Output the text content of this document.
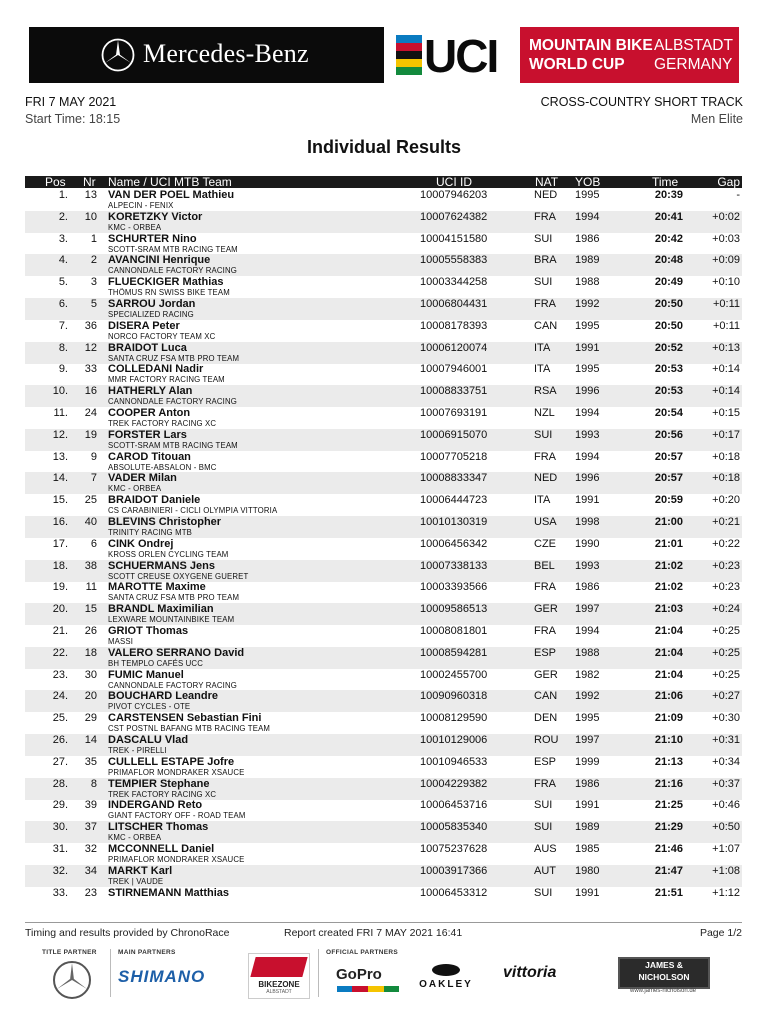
Mercedes-Benz	UCI MOUNTAIN BIKE
WORLD CUP
ALBSTADT
GERMANY
FRI 7 MAY 2021
Start Time: 18:15
CROSS-COUNTRY SHORT TRACK
Men Elite
Individual Results
Pos Nr Name / UCI MTB Team	UCI ID	NAT YOB	Time	Gap
1. 13 VAN DER POEL Mathieu
ALPECIN - FENIX
10007946203	NED 1995	20:39	-
2. 10 KORETZKY Victor
KMC - ORBEA
10007624382	FRA 1994	20:41	+0:02
3. 1 SCHURTER Nino
SCOTT-SRAM MTB RACING TEAM
10004151580	SUI 1986	20:42	+0:03
4. 2 AVANCINI Henrique
CANNONDALE FACTORY RACING
10005558383	BRA 1989	20:48	+0:09
5. 3 FLUECKIGER Mathias
THÖMUS RN SWISS BIKE TEAM
10003344258	SUI 1988	20:49	+0:10
6. 5 SARROU Jordan
SPECIALIZED RACING
10006804431	FRA 1992	20:50	+0:11
7. 36 DISERA Peter
NORCO FACTORY TEAM XC
10008178393	CAN 1995	20:50	+0:11
8. 12 BRAIDOT Luca
SANTA CRUZ FSA MTB PRO TEAM
10006120074	ITA 1991	20:52	+0:13
9. 33 COLLEDANI Nadir
MMR FACTORY RACING TEAM
10007946001	ITA 1995	20:53	+0:14
10. 16 HATHERLY Alan
CANNONDALE FACTORY RACING
10008833751	RSA 1996	20:53	+0:14
11. 24 COOPER Anton
TREK FACTORY RACING XC
10007693191	NZL 1994	20:54	+0:15
12. 19 FORSTER Lars
SCOTT-SRAM MTB RACING TEAM
10006915070	SUI 1993	20:56	+0:17
13. 9 CAROD Titouan
ABSOLUTE-ABSALON - BMC
10007705218	FRA 1994	20:57	+0:18
14. 7 VADER Milan
KMC - ORBEA
10008833347	NED 1996	20:57	+0:18
15. 25 BRAIDOT Daniele
CS CARABINIERI - CICLI OLYMPIA VITTORIA
10006444723	ITA 1991	20:59	+0:20
16. 40 BLEVINS Christopher
TRINITY RACING MTB
10010130319	USA 1998	21:00	+0:21
17. 6 CINK Ondrej
KROSS ORLEN CYCLING TEAM
10006456342	CZE 1990	21:01	+0:22
18. 38 SCHUERMANS Jens
SCOTT CREUSE OXYGENE GUERET
10007338133	BEL 1993	21:02	+0:23
19. 11 MAROTTE Maxime
SANTA CRUZ FSA MTB PRO TEAM
10003393566	FRA 1986	21:02	+0:23
20. 15 BRANDL Maximilian
LEXWARE MOUNTAINBIKE TEAM
10009586513	GER 1997	21:03	+0:24
21. 26 GRIOT Thomas
MASSI
10008081801	FRA 1994	21:04	+0:25
22. 18 VALERO SERRANO David
BH TEMPLO CAFÉS UCC
10008594281	ESP 1988	21:04	+0:25
23. 30 FUMIC Manuel
CANNONDALE FACTORY RACING
10002455700	GER 1982	21:04	+0:25
24. 20 BOUCHARD Leandre
PIVOT CYCLES - OTE
10090960318	CAN 1992	21:06	+0:27
25. 29 CARSTENSEN Sebastian Fini
CST POSTNL BAFANG MTB RACING TEAM
10008129590	DEN 1995	21:09	+0:30
26. 14 DASCALU Vlad
TREK - PIRELLI
10010129006	ROU 1997	21:10	+0:31
27. 35 CULLELL ESTAPE Jofre
PRIMAFLOR MONDRAKER XSAUCE
10010946533	ESP 1999	21:13	+0:34
28. 8 TEMPIER Stephane
TREK FACTORY RACING XC
10004229382	FRA 1986	21:16	+0:37
29. 39 INDERGAND Reto
GIANT FACTORY OFF - ROAD TEAM
10006453716	SUI 1991	21:25	+0:46
30. 37 LITSCHER Thomas
KMC - ORBEA
10005835340	SUI 1989	21:29	+0:50
31. 32 MCCONNELL Daniel
PRIMAFLOR MONDRAKER XSAUCE
10075237628	AUS 1985	21:46	+1:07
32. 34 MARKT Karl
TREK | VAUDE
10003917366	AUT 1980	21:47	+1:08
33. 23 STIRNEMANN Matthias	10006453312	SUI 1991	21:51	+1:12
Timing and results provided by ChronoRace	Report created FRI 7 MAY 2021 16:41	Page 1/2
TITLE PARTNER	MAIN PARTNERS	OFFICIAL PARTNERS
SHIMANO	BIKEZONE
ALBSTADT
GoPro
OAKLEY
vittoria	JAMES &
NICHOLSON
www.james-nicholson.de
